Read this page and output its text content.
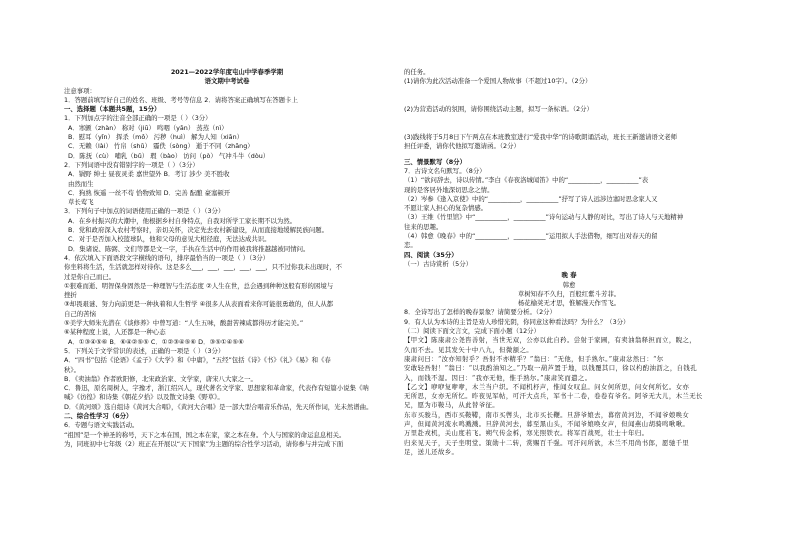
2021—2022学年度屯山中学春季学期
语文期中考试卷
注意事项：
1．答题前填写好自己的姓名、班级、考号等信息 2．请将答案正确填写在答题卡上
一、选择题（本题共5题，15分）
1．下列加点字的注音全部正确的一项是（ ）（3分）
A．寒颤（zhàn） 称对（jiū） 鸣咽（yān） 蒸蒸（nì）
B．慰耳（yǐn） 挥杀（mǒ） 污秽（huì） 解为人知（xiān）
C．无赖（lài） 竹帛（shǔ） 霾佚（sòng） 逝于不同（zhāng）
D．陈抚（cù） 哺乳（bǔ） 瑕（bào） 访问（pò） 气冲斗牛（dòu）
2．下列词语中没有错别字的一项是（ ）（3分）
A．锅野 绅士 昼夜灵柔 嘉世望外 B．考订 涉少 美不胜收
由然而生
C．狗熟 恢遥 一丝不苟 恰物致知 D．完善 酝酿 豪塞顿开
草长莺飞
3．下列句子中加点的词语使用正确的一项是（ ）（3分）
A．在乡村振兴的大潮中，他根据乡村自身特点，自我对所学工家长期不以为然。
B．党和政府深入农村考察时，亲切关怀，决定先去农村新建设，从而直接地缓解民族问题。
C．对于是否加入校篮球队，他和父母的意见大相径庭，无法达成共识。
D．集诸说、陈弼、文们等都是文一字，手执在生活中的作用被我将推越越被同情问。
4．依次填入下面语段文字横线的语句，排序最恰当的一项是（ ）（3分）
你坐料将生活，生活就怎样对待你。这是多么___，___，___，___，___，只不过你我未出现时，不
过是你自己而已。
①狠难而逝、明智保身固然是一种理智与生活态度 ②人生在世，总会遇到种种这般有形的困境与
挫折
③却畏艰谜、努力向前更是一种执着和人生哲学 ④很多人从表面看来你可能很勇敢的，但人从都
自己的苦恼
⑤美学大师朱光潜在《谈修养》中曾写道：“人生五味，酸甜苦辣咸都得历才能完美。”
⑥某种程度上说，人还都是一种心态
A．①③④⑤⑥ B．⑥④②⑤⑤ C．①②③④⑤⑥ D．③⑤①④⑤⑥
5．下列关于文学常识的表述，正确的一项是（ ）（3分）
A．“四书”包括《论语》《孟子》《大学》和《中庸》，“五经”包括《诗》《书》《礼》《易》和《春
秋》。
B．《卖油翁》作者欧阳修，北宋政治家、文学家，唐宋八大家之一。
C．鲁迅，原名周树人，字豫才，浙江绍兴人，现代著名文学家、思想家和革命家，代表作有短篇小说集《呐
喊》《彷徨》和诗集《朝花夕拾》以及散文诗集《野草》。
D．《黄河颂》选自组诗《黄河大合唱》，《黄河大合唱》是一部大型合唱音乐作品，先天所作词，光未然谱曲。
二、综合性学习（6分）
6．专题与语文实践活动。
“祖国”是一个神圣的称号，天下之本在国，国之本在家，家之本在身。个人与国家的命运息息相关。
为，同班初中七年级（2）班正在开展以“天下国家”为主题的综合性学习活动，请你参与并完成下面
的任务。
(1)请你为此次活动准备一个爱国人物故事（不超过10字）。（2分）
(2)为营造活动的氛围，请你围绕活动主题，拟写一条标语。（2分）
(3)践线将于5月8日下午两点在本班教室进行“爱我中华”的诗歌朗诵活动，班长王新邀请语文老师
担任评委，请你代他拟写邀请函。（2分）
三、情景默写（8分）
7．古诗文名句默写。（8分）
（1）“欲问辞去，诗以传情。”李白《春夜洛城闻笛》中的“__________，__________”表
现的是客居外地深切思念之情。
（2）岑参《逢入京使》中的“__________，__________”抒写了诗人远涉边塞时思念家人又
不愿让家人担心的复杂情感。
（3）王维《竹里馆》中“__________，__________”诗句运动与人静的对比，写出了诗人与天地精神
往来的思趣。
（4）韩愈《晚春》中的“__________，__________”运用拟人手法借物，细写出对春天的留
恋。
四、阅读（35分）
（一）古诗赏析（5分）
晚 春
韩愈
草树知春不久归，百般红紫斗芳菲。
杨花榆荚无才思，惟解漫天作雪飞。
8．全诗写出了怎样的晚春景象？请简要分析。（2分）
9．有人认为本诗的主旨是劝人珍惜光阴，你同意这种看法吗？为什么？（3分）
（二）阅读下面文言文，完成下面小题（12分）
【甲文】陈康肃公尧咨善射，当世无双，公亦以此自矜。尝射于家圃，有卖油翁释担而立，睨之，
久而不去。见其发矢十中八九，但微颔之。
康肃问曰：“汝亦知射乎？吾射不亦精乎？”翁曰：“无他，但手熟尔。”康肃忿然曰：“尔
安敢轻吾射！”翁曰：“以我酌油知之。”乃取一葫芦置于地，以钱覆其口，徐以杓酌油沥之，自钱孔
入，而钱不湿。因曰：“我亦无他，惟手熟尔。”康肃笑而遣之。
【乙文】咿咿复咿咿，木兰当户织。不闻机杼声，惟闻女叹息。问女何所思，问女何所忆。女亦
无所思，女亦无所忆。昨夜见军帖，可汗大点兵，军书十二卷，卷卷有爷名。阿爷无大儿，木兰无长
兄，愿为市鞍马，从此替爷征。
东市买骏马，西市买鞍鞯，南市买辔头，北市买长鞭。旦辞爷娘去，暮宿黄河边，不闻爷娘唤女
声，但闻黄河流水鸣溅溅。旦辞黄河去，暮至黑山头，不闻爷娘唤女声，但闻燕山胡骑鸣啾啾。
万里赴戎机，关山度若飞。朔气传金柝，寒光照铁衣。将军百战死，壮士十年归。
归来见天子，天子坐明堂。策勋十二转，赏赐百千强。可汗问所欲，木兰不用尚书郎，愿驰千里
足，送儿还故乡。
